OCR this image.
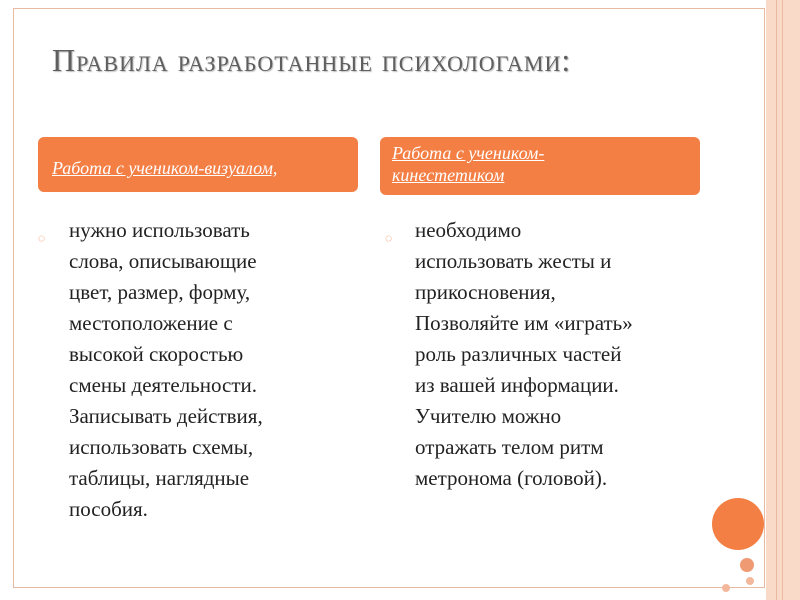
Правила разработанные психологами:
Работа с учеником-визуалом,
Работа с учеником-
кинестетиком
◌ нужно использовать
слова, описывающие
цвет, размер, форму,
местоположение с
высокой скоростью
смены деятельности.
Записывать действия,
использовать схемы,
таблицы, наглядные
пособия.
◌ необходимо
использовать жесты и
прикосновения,
Позволяйте им «играть»
роль различных частей
из вашей информации.
Учителю можно
отражать телом ритм
метронома (головой).
